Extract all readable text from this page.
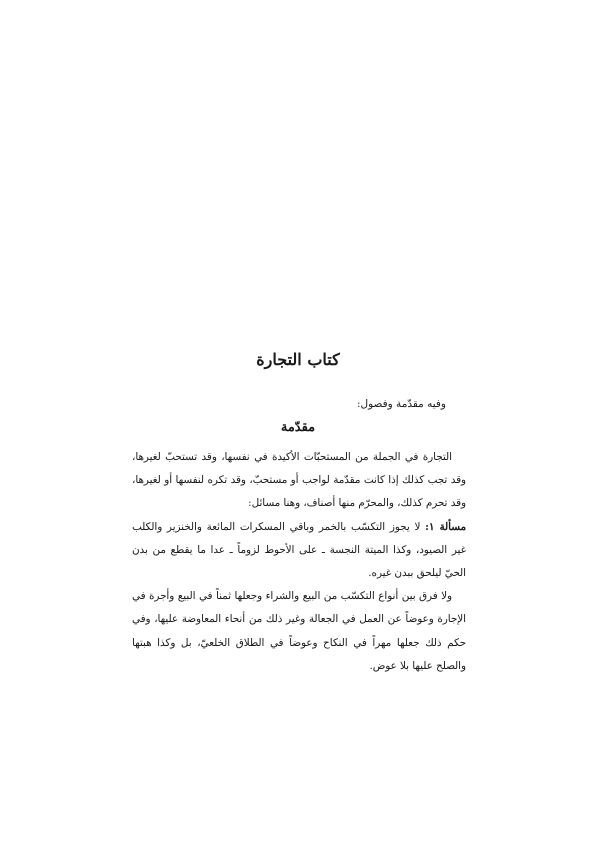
كتاب التجارة

وفيه مقدّمة وفصول:

مقدّمة

التجارة في الجملة من المستحبّات الأكيدة في نفسها، وقد تستحبّ لغيرها، وقد تجب كذلك إذا كانت مقدّمة لواجب أو مستحبّ، وقد تكره لنفسها أو لغيرها، وقد تحرم كذلك، والمحرّم منها أصناف، وهنا مسائل:

مسألة ١: لا يجوز التكسّب بالخمر وباقي المسكرات المائعة والخنزير والكلب غير الصيود، وكذا الميتة النجسة ـ على الأحوط لزوماً ـ عدا ما يقطع من بدن الحيّ ليلحق ببدن غيره.

ولا فرق بين أنواع التكسّب من البيع والشراء وجعلها ثمناً في البيع وأجرة في الإجارة وعوضاً عن العمل في الجعالة وغير ذلك من أنحاء المعاوضة عليها، وفي حكم ذلك جعلها مهراً في النكاح وعوضاً في الطلاق الخلعيّ، بل وكذا هبتها والصلح عليها بلا عوض.
